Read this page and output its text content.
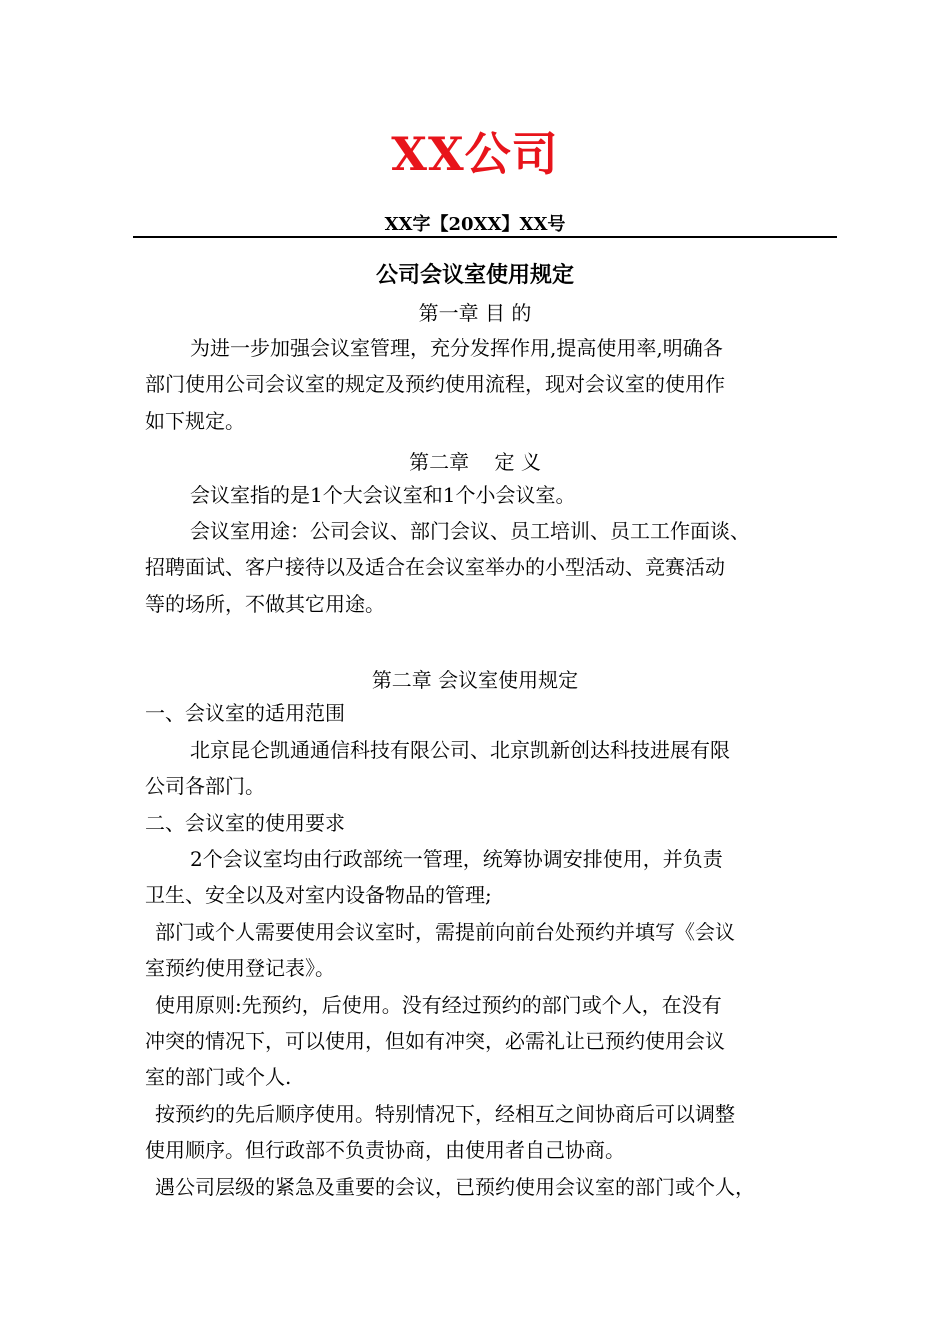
XX公司
XX字【20XX】XX号
公司会议室使用规定
第一章 目 的
为进一步加强会议室管理，充分发挥作用,提高使用率,明确各
部门使用公司会议室的规定及预约使用流程，现对会议室的使用作
如下规定。
第二章    定 义
会议室指的是1个大会议室和1个小会议室。
会议室用途：公司会议、部门会议、员工培训、员工工作面谈、
招聘面试、客户接待以及适合在会议室举办的小型活动、竞赛活动
等的场所，不做其它用途。
第二章 会议室使用规定
一、会议室的适用范围
北京昆仑凯通通信科技有限公司、北京凯新创达科技进展有限
公司各部门。
二、会议室的使用要求
2个会议室均由行政部统一管理，统筹协调安排使用，并负责
卫生、安全以及对室内设备物品的管理;
部门或个人需要使用会议室时，需提前向前台处预约并填写《会议
室预约使用登记表》。
使用原则:先预约，后使用。没有经过预约的部门或个人，在没有
冲突的情况下，可以使用，但如有冲突，必需礼让已预约使用会议
室的部门或个人.
按预约的先后顺序使用。特别情况下，经相互之间协商后可以调整
使用顺序。但行政部不负责协商，由使用者自己协商。
遇公司层级的紧急及重要的会议，已预约使用会议室的部门或个人，
